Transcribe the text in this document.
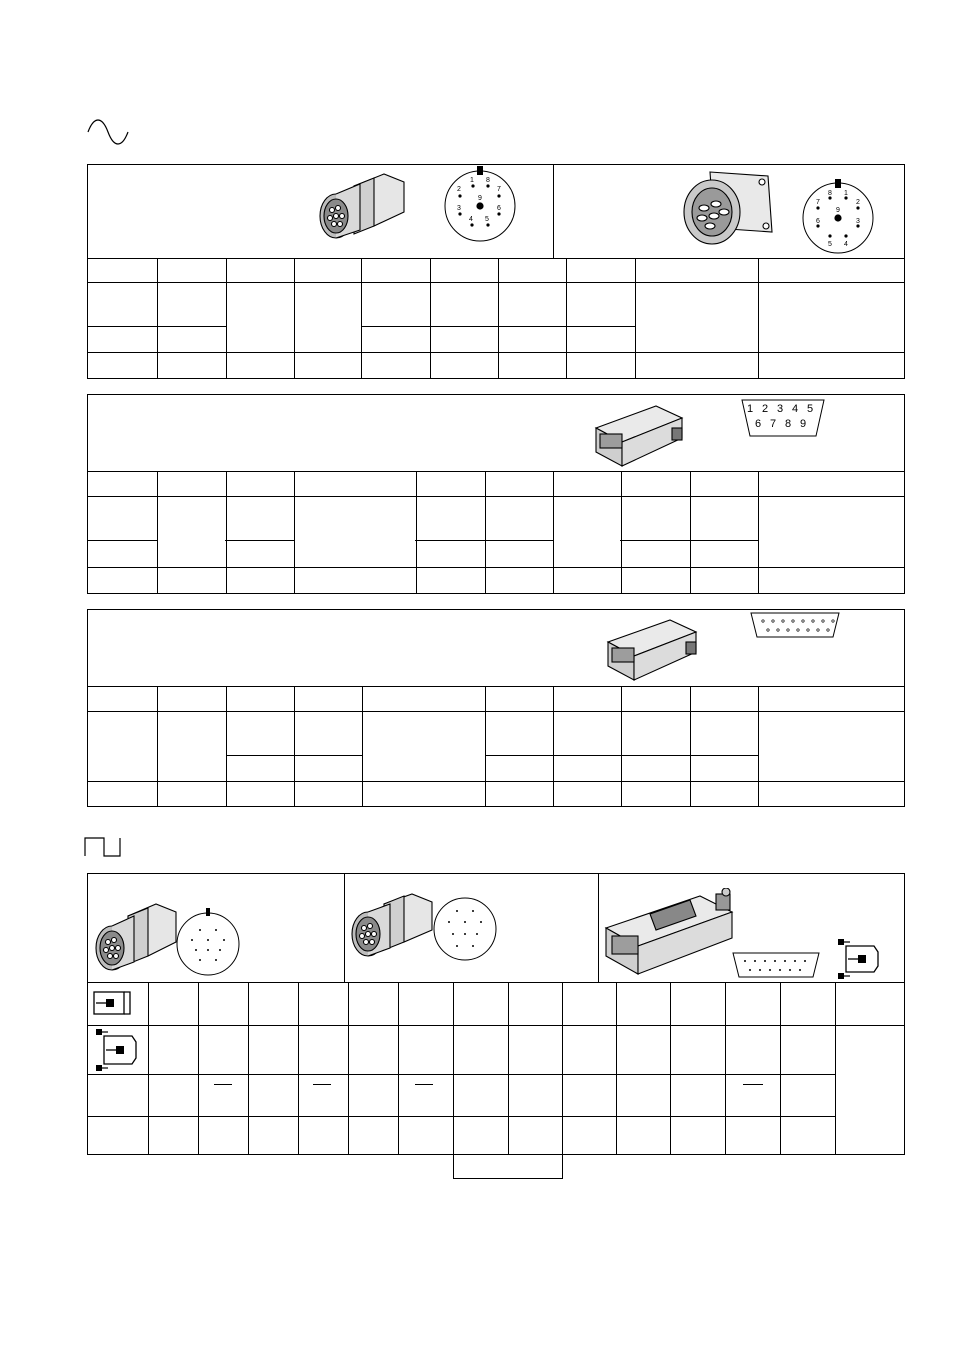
1 8
2
9
7
3	6
4 5
8 1
7	2
9
6	3
5 4
1 2 3 4 5
6 7 8 9
